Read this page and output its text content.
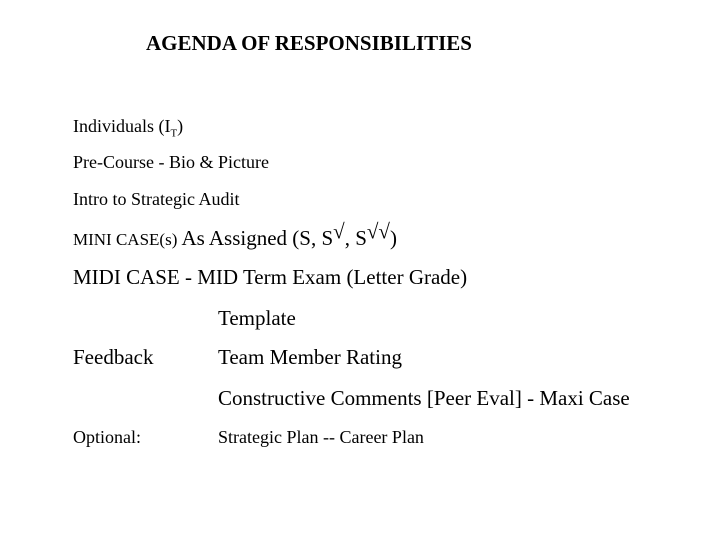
AGENDA OF RESPONSIBILITIES
Individuals $(I_T)$
Pre-Course - Bio & Picture
Intro to Strategic Audit
MINI CASE(s) As Assigned (S, S√, S√√)
MIDI CASE - MID Term Exam (Letter Grade)
Template
Feedback	Team Member Rating
Constructive Comments [Peer Eval] - Maxi Case
Optional:	Strategic Plan -- Career Plan
